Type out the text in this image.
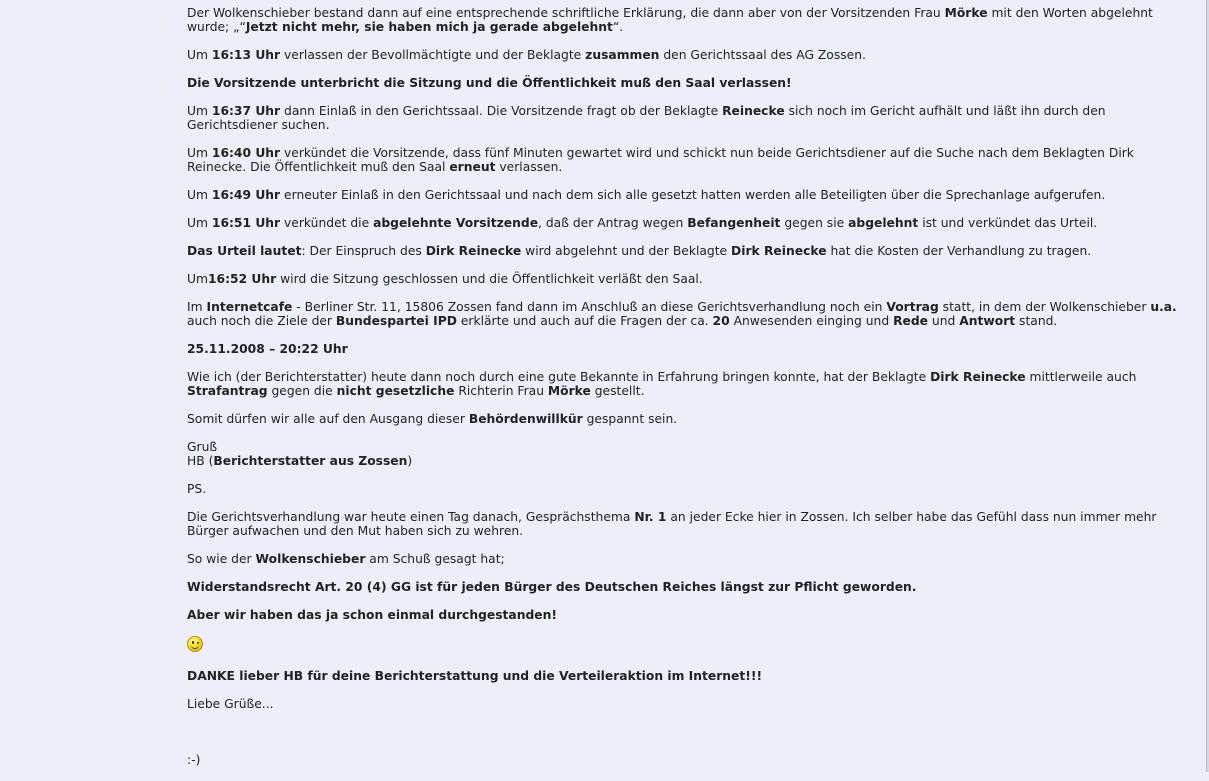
Der Wolkenschieber bestand dann auf eine entsprechende schriftliche Erklärung, die dann aber von der Vorsitzenden Frau Mörke mit den Worten abgelehnt wurde; „“Jetzt nicht mehr, sie haben mich ja gerade abgelehnt“.
Um 16:13 Uhr verlassen der Bevollmächtigte und der Beklagte zusammen den Gerichtssaal des AG Zossen.
Die Vorsitzende unterbricht die Sitzung und die Öffentlichkeit muß den Saal verlassen!
Um 16:37 Uhr dann Einlaß in den Gerichtssaal. Die Vorsitzende fragt ob der Beklagte Reinecke sich noch im Gericht aufhält und läßt ihn durch den Gerichtsdiener suchen.
Um 16:40 Uhr verkündet die Vorsitzende, dass fünf Minuten gewartet wird und schickt nun beide Gerichtsdiener auf die Suche nach dem Beklagten Dirk Reinecke. Die Öffentlichkeit muß den Saal erneut verlassen.
Um 16:49 Uhr erneuter Einlaß in den Gerichtssaal und nach dem sich alle gesetzt hatten werden alle Beteiligten über die Sprechanlage aufgerufen.
Um 16:51 Uhr verkündet die abgelehnte Vorsitzende, daß der Antrag wegen Befangenheit gegen sie abgelehnt ist und verkündet das Urteil.
Das Urteil lautet: Der Einspruch des Dirk Reinecke wird abgelehnt und der Beklagte Dirk Reinecke hat die Kosten der Verhandlung zu tragen.
Um16:52 Uhr wird die Sitzung geschlossen und die Öffentlichkeit verläßt den Saal.
Im Internetcafe - Berliner Str. 11, 15806 Zossen fand dann im Anschluß an diese Gerichtsverhandlung noch ein Vortrag statt, in dem der Wolkenschieber u.a. auch noch die Ziele der Bundespartei IPD erklärte und auch auf die Fragen der ca. 20 Anwesenden einging und Rede und Antwort stand.
25.11.2008 – 20:22 Uhr
Wie ich (der Berichterstatter) heute dann noch durch eine gute Bekannte in Erfahrung bringen konnte, hat der Beklagte Dirk Reinecke mittlerweile auch Strafantrag gegen die nicht gesetzliche Richterin Frau Mörke gestellt.
Somit dürfen wir alle auf den Ausgang dieser Behördenwillkür gespannt sein.
Gruß
HB (Berichterstatter aus Zossen)
PS.
Die Gerichtsverhandlung war heute einen Tag danach, Gesprächsthema Nr. 1 an jeder Ecke hier in Zossen. Ich selber habe das Gefühl dass nun immer mehr Bürger aufwachen und den Mut haben sich zu wehren.
So wie der Wolkenschieber am Schuß gesagt hat;
Widerstandsrecht Art. 20 (4) GG ist für jeden Bürger des Deutschen Reiches längst zur Pflicht geworden.
Aber wir haben das ja schon einmal durchgestanden!
DANKE lieber HB für deine Berichterstattung und die Verteileraktion im Internet!!!
Liebe Grüße...
:-)
